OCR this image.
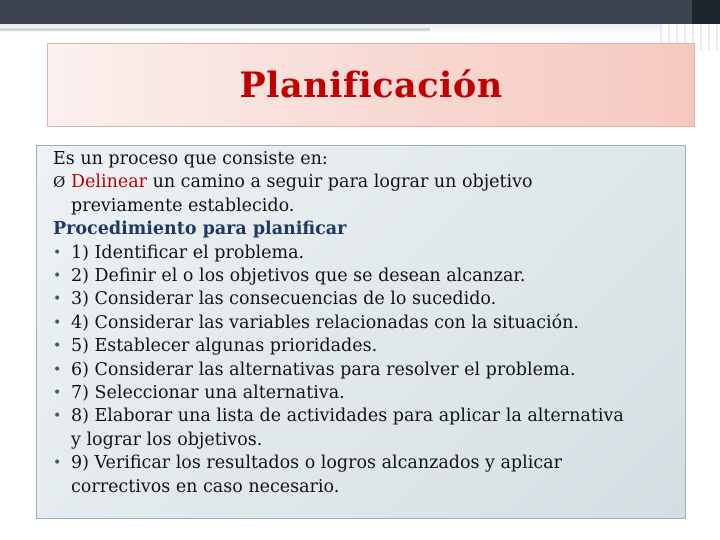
Planificación
Es un proceso que consiste en:
Ø Delinear un camino a seguir para lograr un objetivo
previamente establecido.
Procedimiento para planificar
• 1) Identificar el problema.
• 2) Definir el o los objetivos que se desean alcanzar.
• 3) Considerar las consecuencias de lo sucedido.
• 4) Considerar las variables relacionadas con la situación.
• 5) Establecer algunas prioridades.
• 6) Considerar las alternativas para resolver el problema.
• 7) Seleccionar una alternativa.
• 8) Elaborar una lista de actividades para aplicar la alternativa
y lograr los objetivos.
• 9) Verificar los resultados o logros alcanzados y aplicar
correctivos en caso necesario.
